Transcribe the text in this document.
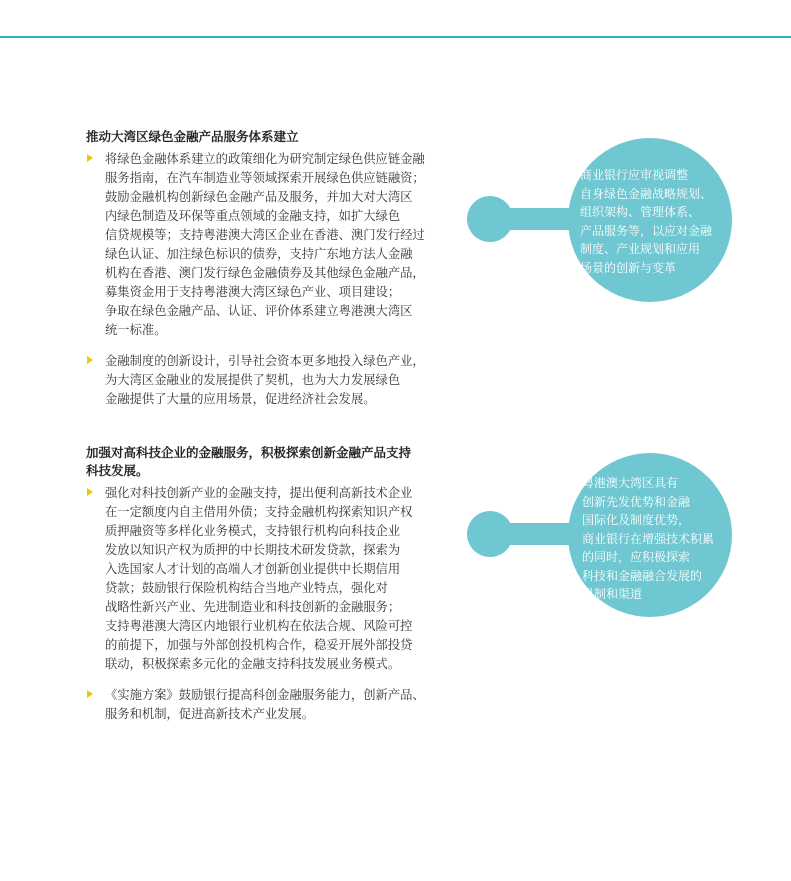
推动大湾区绿色金融产品服务体系建立
将绿色金融体系建立的政策细化为研究制定绿色供应链金融
服务指南，在汽车制造业等领域探索开展绿色供应链融资；
鼓励金融机构创新绿色金融产品及服务，并加大对大湾区
内绿色制造及环保等重点领域的金融支持，如扩大绿色
信贷规模等；支持粤港澳大湾区企业在香港、澳门发行经过
绿色认证、加注绿色标识的债券，支持广东地方法人金融
机构在香港、澳门发行绿色金融债券及其他绿色金融产品，
募集资金用于支持粤港澳大湾区绿色产业、项目建设；
争取在绿色金融产品、认证、评价体系建立粤港澳大湾区
统一标准。
金融制度的创新设计，引导社会资本更多地投入绿色产业，
为大湾区金融业的发展提供了契机，也为大力发展绿色
金融提供了大量的应用场景，促进经济社会发展。
加强对高科技企业的金融服务，积极探索创新金融产品支持
科技发展。
强化对科技创新产业的金融支持，提出便利高新技术企业
在一定额度内自主借用外债；支持金融机构探索知识产权
质押融资等多样化业务模式，支持银行机构向科技企业
发放以知识产权为质押的中长期技术研发贷款，探索为
入选国家人才计划的高端人才创新创业提供中长期信用
贷款；鼓励银行保险机构结合当地产业特点，强化对
战略性新兴产业、先进制造业和科技创新的金融服务；
支持粤港澳大湾区内地银行业机构在依法合规、风险可控
的前提下，加强与外部创投机构合作，稳妥开展外部投贷
联动，积极探索多元化的金融支持科技发展业务模式。
《实施方案》鼓励银行提高科创金融服务能力，创新产品、
服务和机制，促进高新技术产业发展。
商业银行应审视调整
自身绿色金融战略规划、
组织架构、管理体系、
产品服务等，以应对金融
制度、产业规划和应用
场景的创新与变革
粤港澳大湾区具有
创新先发优势和金融
国际化及制度优势，
商业银行在增强技术积累
的同时，应积极探索
科技和金融融合发展的
机制和渠道
